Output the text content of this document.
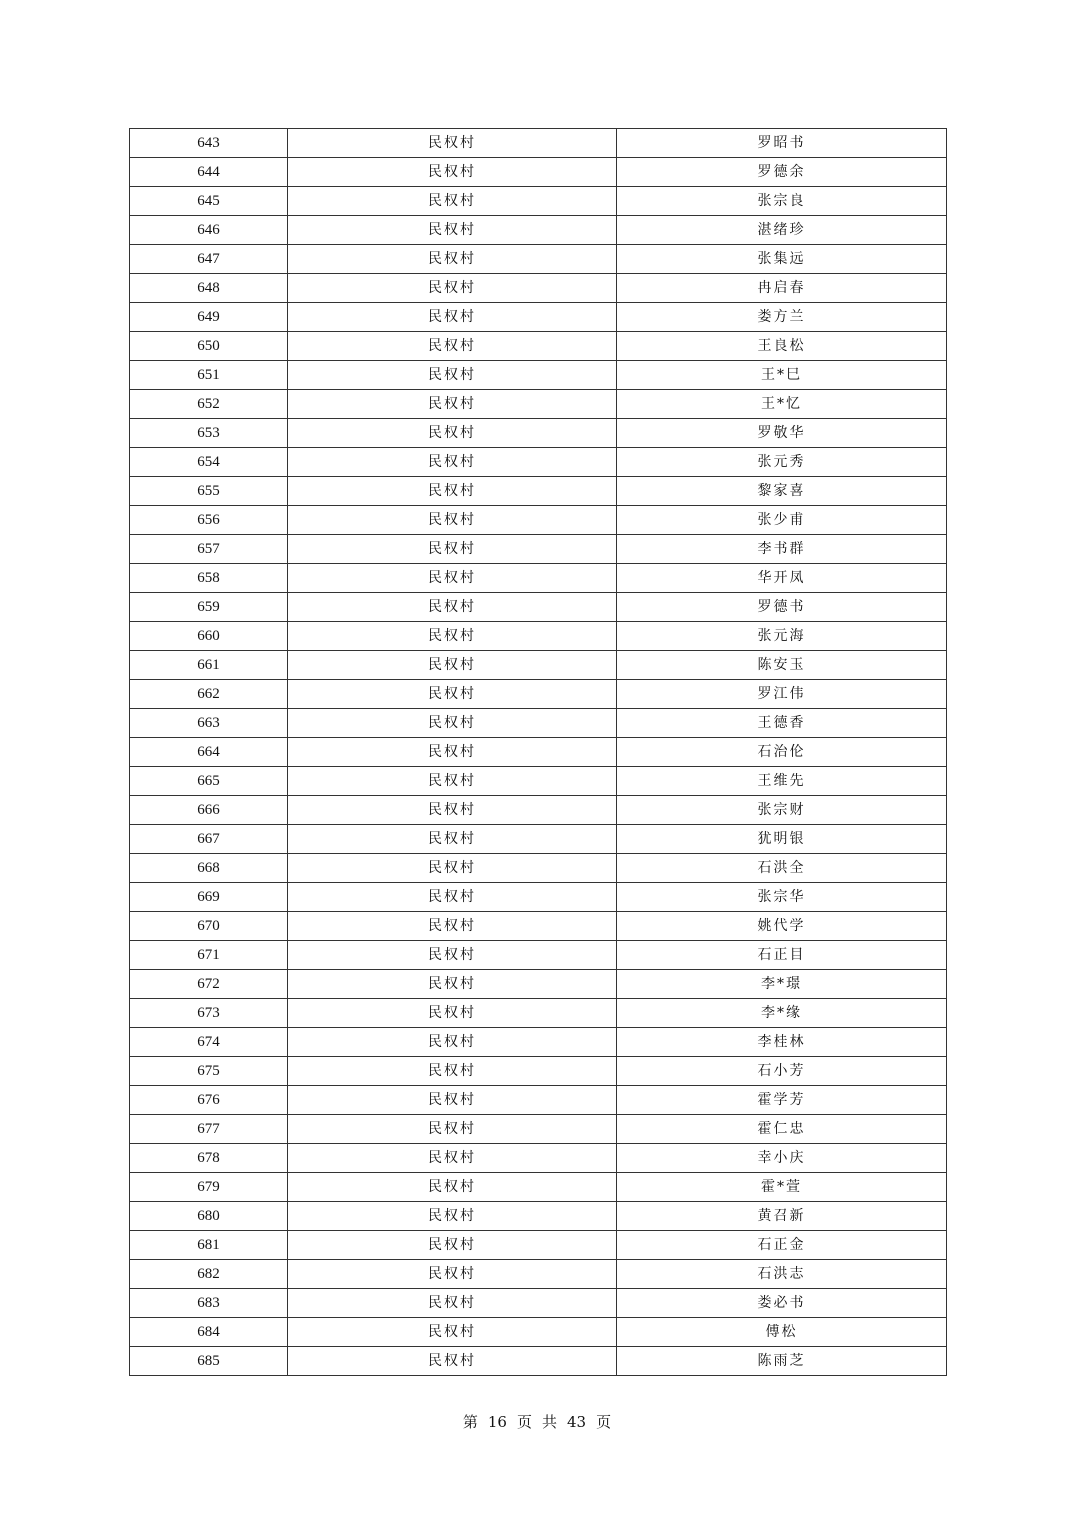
643	民权村	罗昭书
644	民权村	罗德余
645	民权村	张宗良
646	民权村	湛绪珍
647	民权村	张集远
648	民权村	冉启春
649	民权村	娄方兰
650	民权村	王良松
651	民权村	王*巳
652	民权村	王*忆
653	民权村	罗敬华
654	民权村	张元秀
655	民权村	黎家喜
656	民权村	张少甫
657	民权村	李书群
658	民权村	华开凤
659	民权村	罗德书
660	民权村	张元海
661	民权村	陈安玉
662	民权村	罗江伟
663	民权村	王德香
664	民权村	石治伦
665	民权村	王维先
666	民权村	张宗财
667	民权村	犹明银
668	民权村	石洪全
669	民权村	张宗华
670	民权村	姚代学
671	民权村	石正目
672	民权村	李*璟
673	民权村	李*缘
674	民权村	李桂林
675	民权村	石小芳
676	民权村	霍学芳
677	民权村	霍仁忠
678	民权村	幸小庆
679	民权村	霍*萱
680	民权村	黄召新
681	民权村	石正金
682	民权村	石洪志
683	民权村	娄必书
684	民权村	傅松
685	民权村	陈雨芝
第 16 页 共 43 页
